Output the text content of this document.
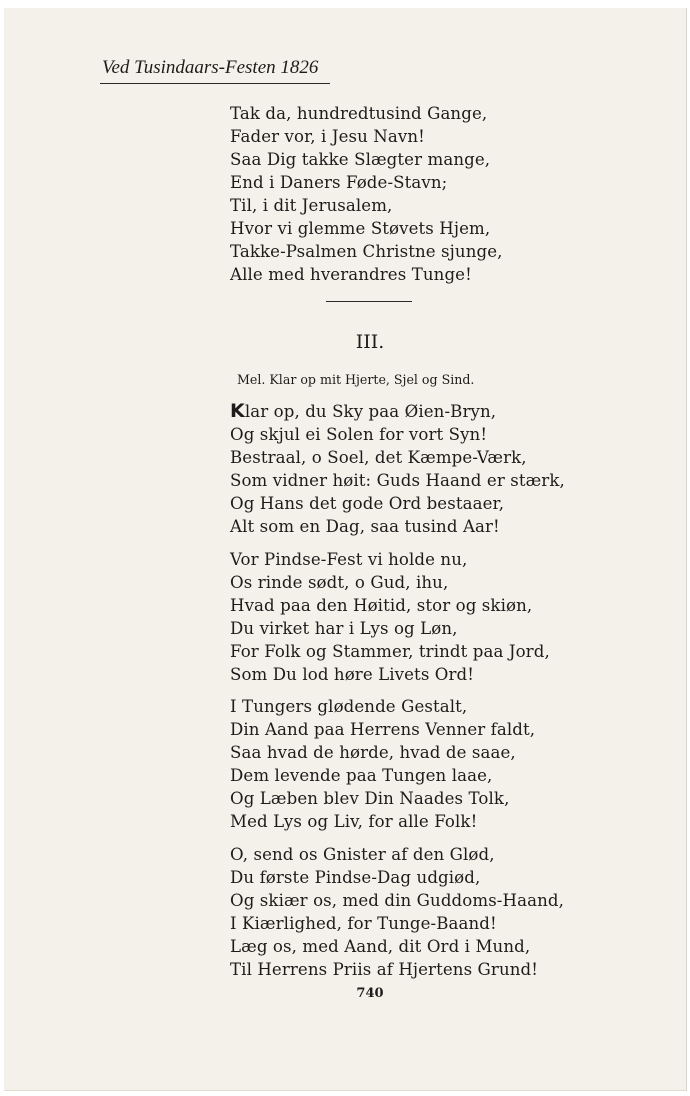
Ved Tusindaars-Festen 1826
Tak da, hundredtusind Gange,
Fader vor, i Jesu Navn!
Saa Dig takke Slægter mange,
End i Daners Føde-Stavn;
Til, i dit Jerusalem,
Hvor vi glemme Støvets Hjem,
Takke-Psalmen Christne sjunge,
Alle med hverandres Tunge!
III.
Mel. Klar op mit Hjerte, Sjel og Sind.
Klar op, du Sky paa Øien-Bryn,
Og skjul ei Solen for vort Syn!
Bestraal, o Soel, det Kæmpe-Værk,
Som vidner høit: Guds Haand er stærk,
Og Hans det gode Ord bestaaer,
Alt som en Dag, saa tusind Aar!
Vor Pindse-Fest vi holde nu,
Os rinde sødt, o Gud, ihu,
Hvad paa den Høitid, stor og skiøn,
Du virket har i Lys og Løn,
For Folk og Stammer, trindt paa Jord,
Som Du lod høre Livets Ord!
I Tungers glødende Gestalt,
Din Aand paa Herrens Venner faldt,
Saa hvad de hørde, hvad de saae,
Dem levende paa Tungen laae,
Og Læben blev Din Naades Tolk,
Med Lys og Liv, for alle Folk!
O, send os Gnister af den Glød,
Du første Pindse-Dag udgiød,
Og skiær os, med din Guddoms-Haand,
I Kiærlighed, for Tunge-Baand!
Læg os, med Aand, dit Ord i Mund,
Til Herrens Priis af Hjertens Grund!
740
